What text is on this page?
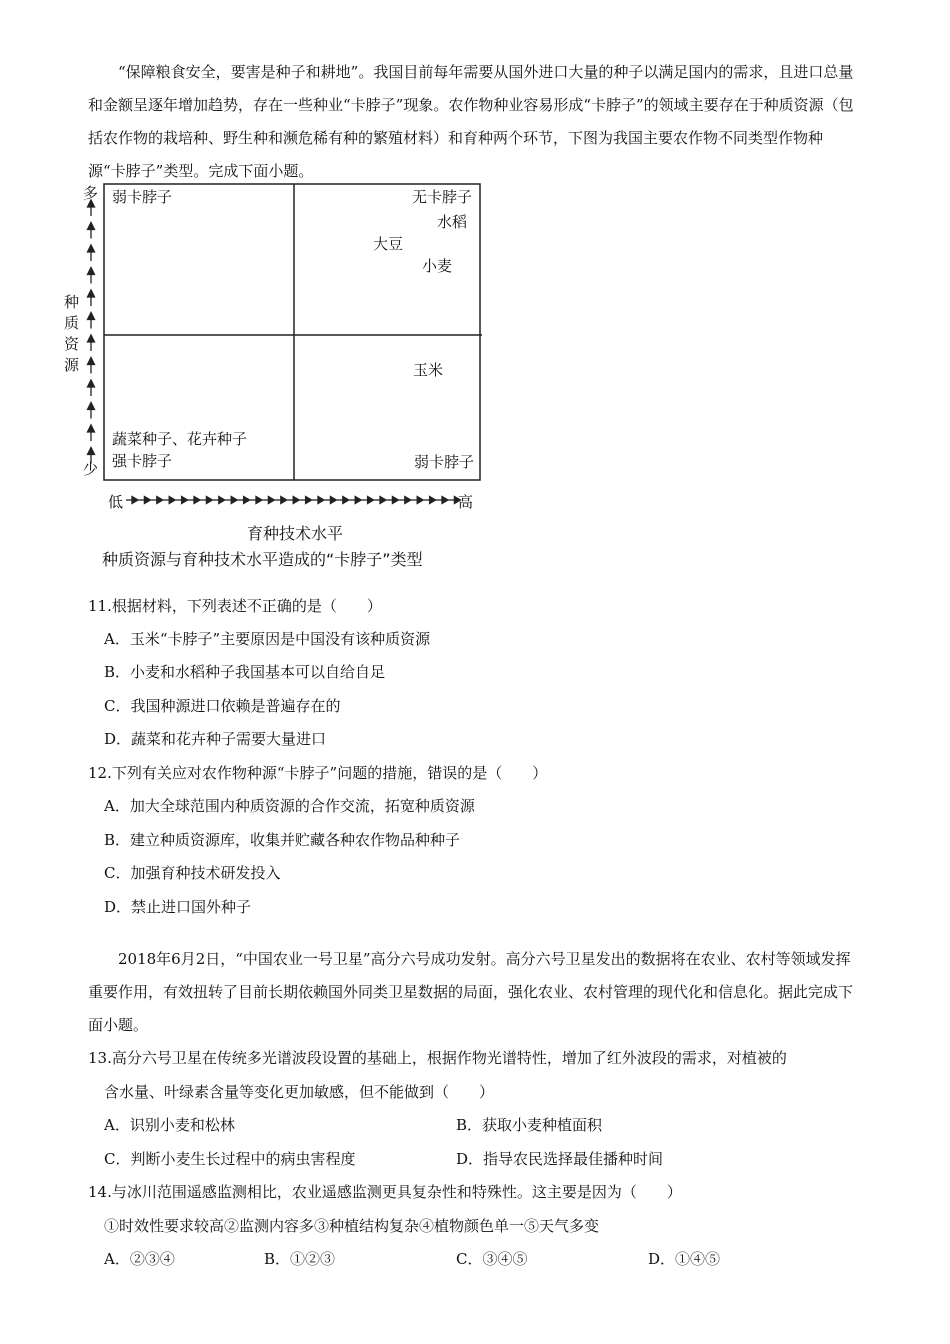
“保障粮食安全，要害是种子和耕地”。我国目前每年需要从国外进口大量的种子以满足国内的需求，且进口总量和金额呈逐年增加趋势，存在一些种业“卡脖子”现象。农作物种业容易形成“卡脖子”的领域主要存在于种质资源（包括农作物的栽培种、野生种和濒危稀有种的繁殖材料）和育种两个环节，下图为我国主要农作物不同类型作物种源“卡脖子”类型。完成下面小题。

多
少
种
质
资
源
弱卡脖子	无卡脖子
水稻
大豆
小麦
玉米
蔬菜种子、花卉种子
强卡脖子	弱卡脖子
低	高
育种技术水平
种质资源与育种技术水平造成的“卡脖子”类型
11.根据材料，下列表述不正确的是（　　）
A．玉米“卡脖子”主要原因是中国没有该种质资源
B．小麦和水稻种子我国基本可以自给自足
C．我国种源进口依赖是普遍存在的
D．蔬菜和花卉种子需要大量进口
12.下列有关应对农作物种源“卡脖子”问题的措施，错误的是（　　）
A．加大全球范围内种质资源的合作交流，拓宽种质资源
B．建立种质资源库，收集并贮藏各种农作物品种种子
C．加强育种技术研发投入
D．禁止进口国外种子

2018年6月2日，“中国农业一号卫星”高分六号成功发射。高分六号卫星发出的数据将在农业、农村等领域发挥重要作用，有效扭转了目前长期依赖国外同类卫星数据的局面，强化农业、农村管理的现代化和信息化。据此完成下面小题。

13.高分六号卫星在传统多光谱波段设置的基础上，根据作物光谱特性，增加了红外波段的需求，对植被的
含水量、叶绿素含量等变化更加敏感，但不能做到（　　）
A．识别小麦和松林	B．获取小麦种植面积
C．判断小麦生长过程中的病虫害程度	D．指导农民选择最佳播种时间
14.与冰川范围遥感监测相比，农业遥感监测更具复杂性和特殊性。这主要是因为（　　）
①时效性要求较高②监测内容多③种植结构复杂④植物颜色单一⑤天气多变
A．②③④	B．①②③	C．③④⑤	D．①④⑤
